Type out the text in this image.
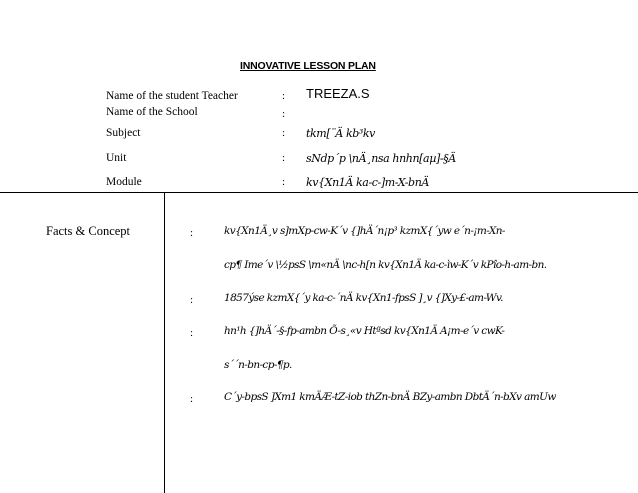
INNOVATIVE LESSON PLAN
Name of the student Teacher	: TREEZA.S
Name of the School	:
Subject	: tkm[¨Ä kb³kv
Unit	: sNdp´p \nÄ¸nsa hnhn[aµ]-§Ä
Module	: kv{Xn1Ä ka-c-]m-X-bnÄ
Facts & Concept	:	kv{Xn1Ä¸v s]mXp-cw-K´v {]hÄ´n¡p³ kzmX{´yw e´n-¡m-Xn-
cp¶ Ime´v \½psS \m«nÄ \nc-h[n kv{Xn1Ä ka-c-ìw-K´v kPîo-h-am-bn.
:	1857ýse kzmX{´y ka-c-´nÄ kv{Xn1-fpsS ]¸v {]Xy-£-am-Wv.
:	hn¹h {]hÄ´-§-fp-ambn Õ-s¸«v Htªsd kv{Xn1Ä A¡m-e´v cwK-
s´´n-bn-cp-¶p.
:	C´y-bpsS ]Xm1 kmÄÆ-tZ-iob thZn-bnÄ BZy-ambn DbtÄ´n-bXv amUw
